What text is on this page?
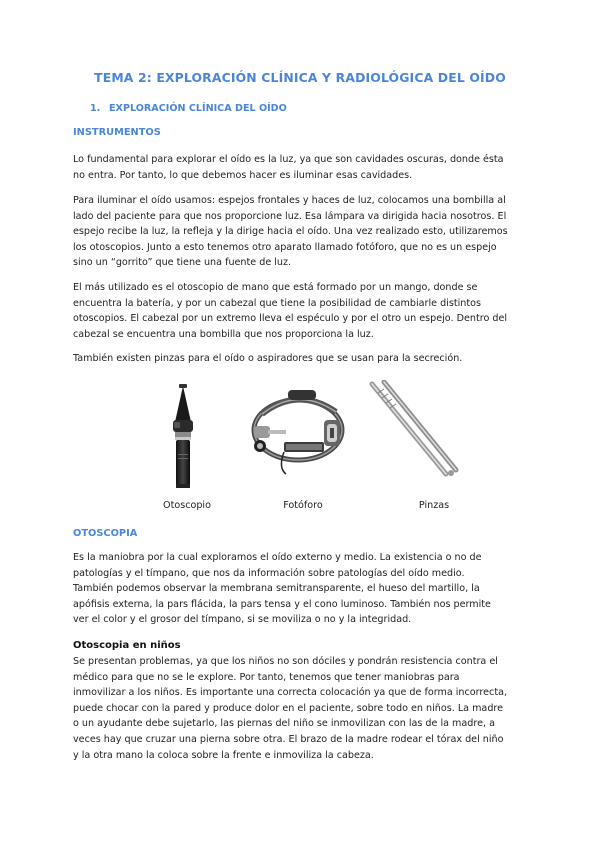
TEMA 2: EXPLORACIÓN CLÍNICA Y RADIOLÓGICA DEL OÍDO
1. EXPLORACIÓN CLÍNICA DEL OÍDO
INSTRUMENTOS
Lo fundamental para explorar el oído es la luz, ya que son cavidades oscuras, donde ésta
no entra. Por tanto, lo que debemos hacer es iluminar esas cavidades.
Para iluminar el oído usamos: espejos frontales y haces de luz, colocamos una bombilla al
lado del paciente para que nos proporcione luz. Esa lámpara va dirigida hacia nosotros. El
espejo recibe la luz, la refleja y la dirige hacia el oído. Una vez realizado esto, utilizaremos
los otoscopios. Junto a esto tenemos otro aparato llamado fotóforo, que no es un espejo
sino un “gorrito” que tiene una fuente de luz.
El más utilizado es el otoscopio de mano que está formado por un mango, donde se
encuentra la batería, y por un cabezal que tiene la posibilidad de cambiarle distintos
otoscopios. El cabezal por un extremo lleva el espéculo y por el otro un espejo. Dentro del
cabezal se encuentra una bombilla que nos proporciona la luz.
También existen pinzas para el oído o aspiradores que se usan para la secreción.
Otoscopio	Fotóforo	Pinzas
OTOSCOPIA
Es la maniobra por la cual exploramos el oído externo y medio. La existencia o no de
patologías y el tímpano, que nos da información sobre patologías del oído medio.
También podemos observar la membrana semitransparente, el hueso del martillo, la
apófisis externa, la pars flácida, la pars tensa y el cono luminoso. También nos permite
ver el color y el grosor del tímpano, si se moviliza o no y la integridad.
Otoscopia en niños
Se presentan problemas, ya que los niños no son dóciles y pondrán resistencia contra el
médico para que no se le explore. Por tanto, tenemos que tener maniobras para
inmovilizar a los niños. Es importante una correcta colocación ya que de forma incorrecta,
puede chocar con la pared y produce dolor en el paciente, sobre todo en niños. La madre
o un ayudante debe sujetarlo, las piernas del niño se inmovilizan con las de la madre, a
veces hay que cruzar una pierna sobre otra. El brazo de la madre rodear el tórax del niño
y la otra mano la coloca sobre la frente e inmoviliza la cabeza.
